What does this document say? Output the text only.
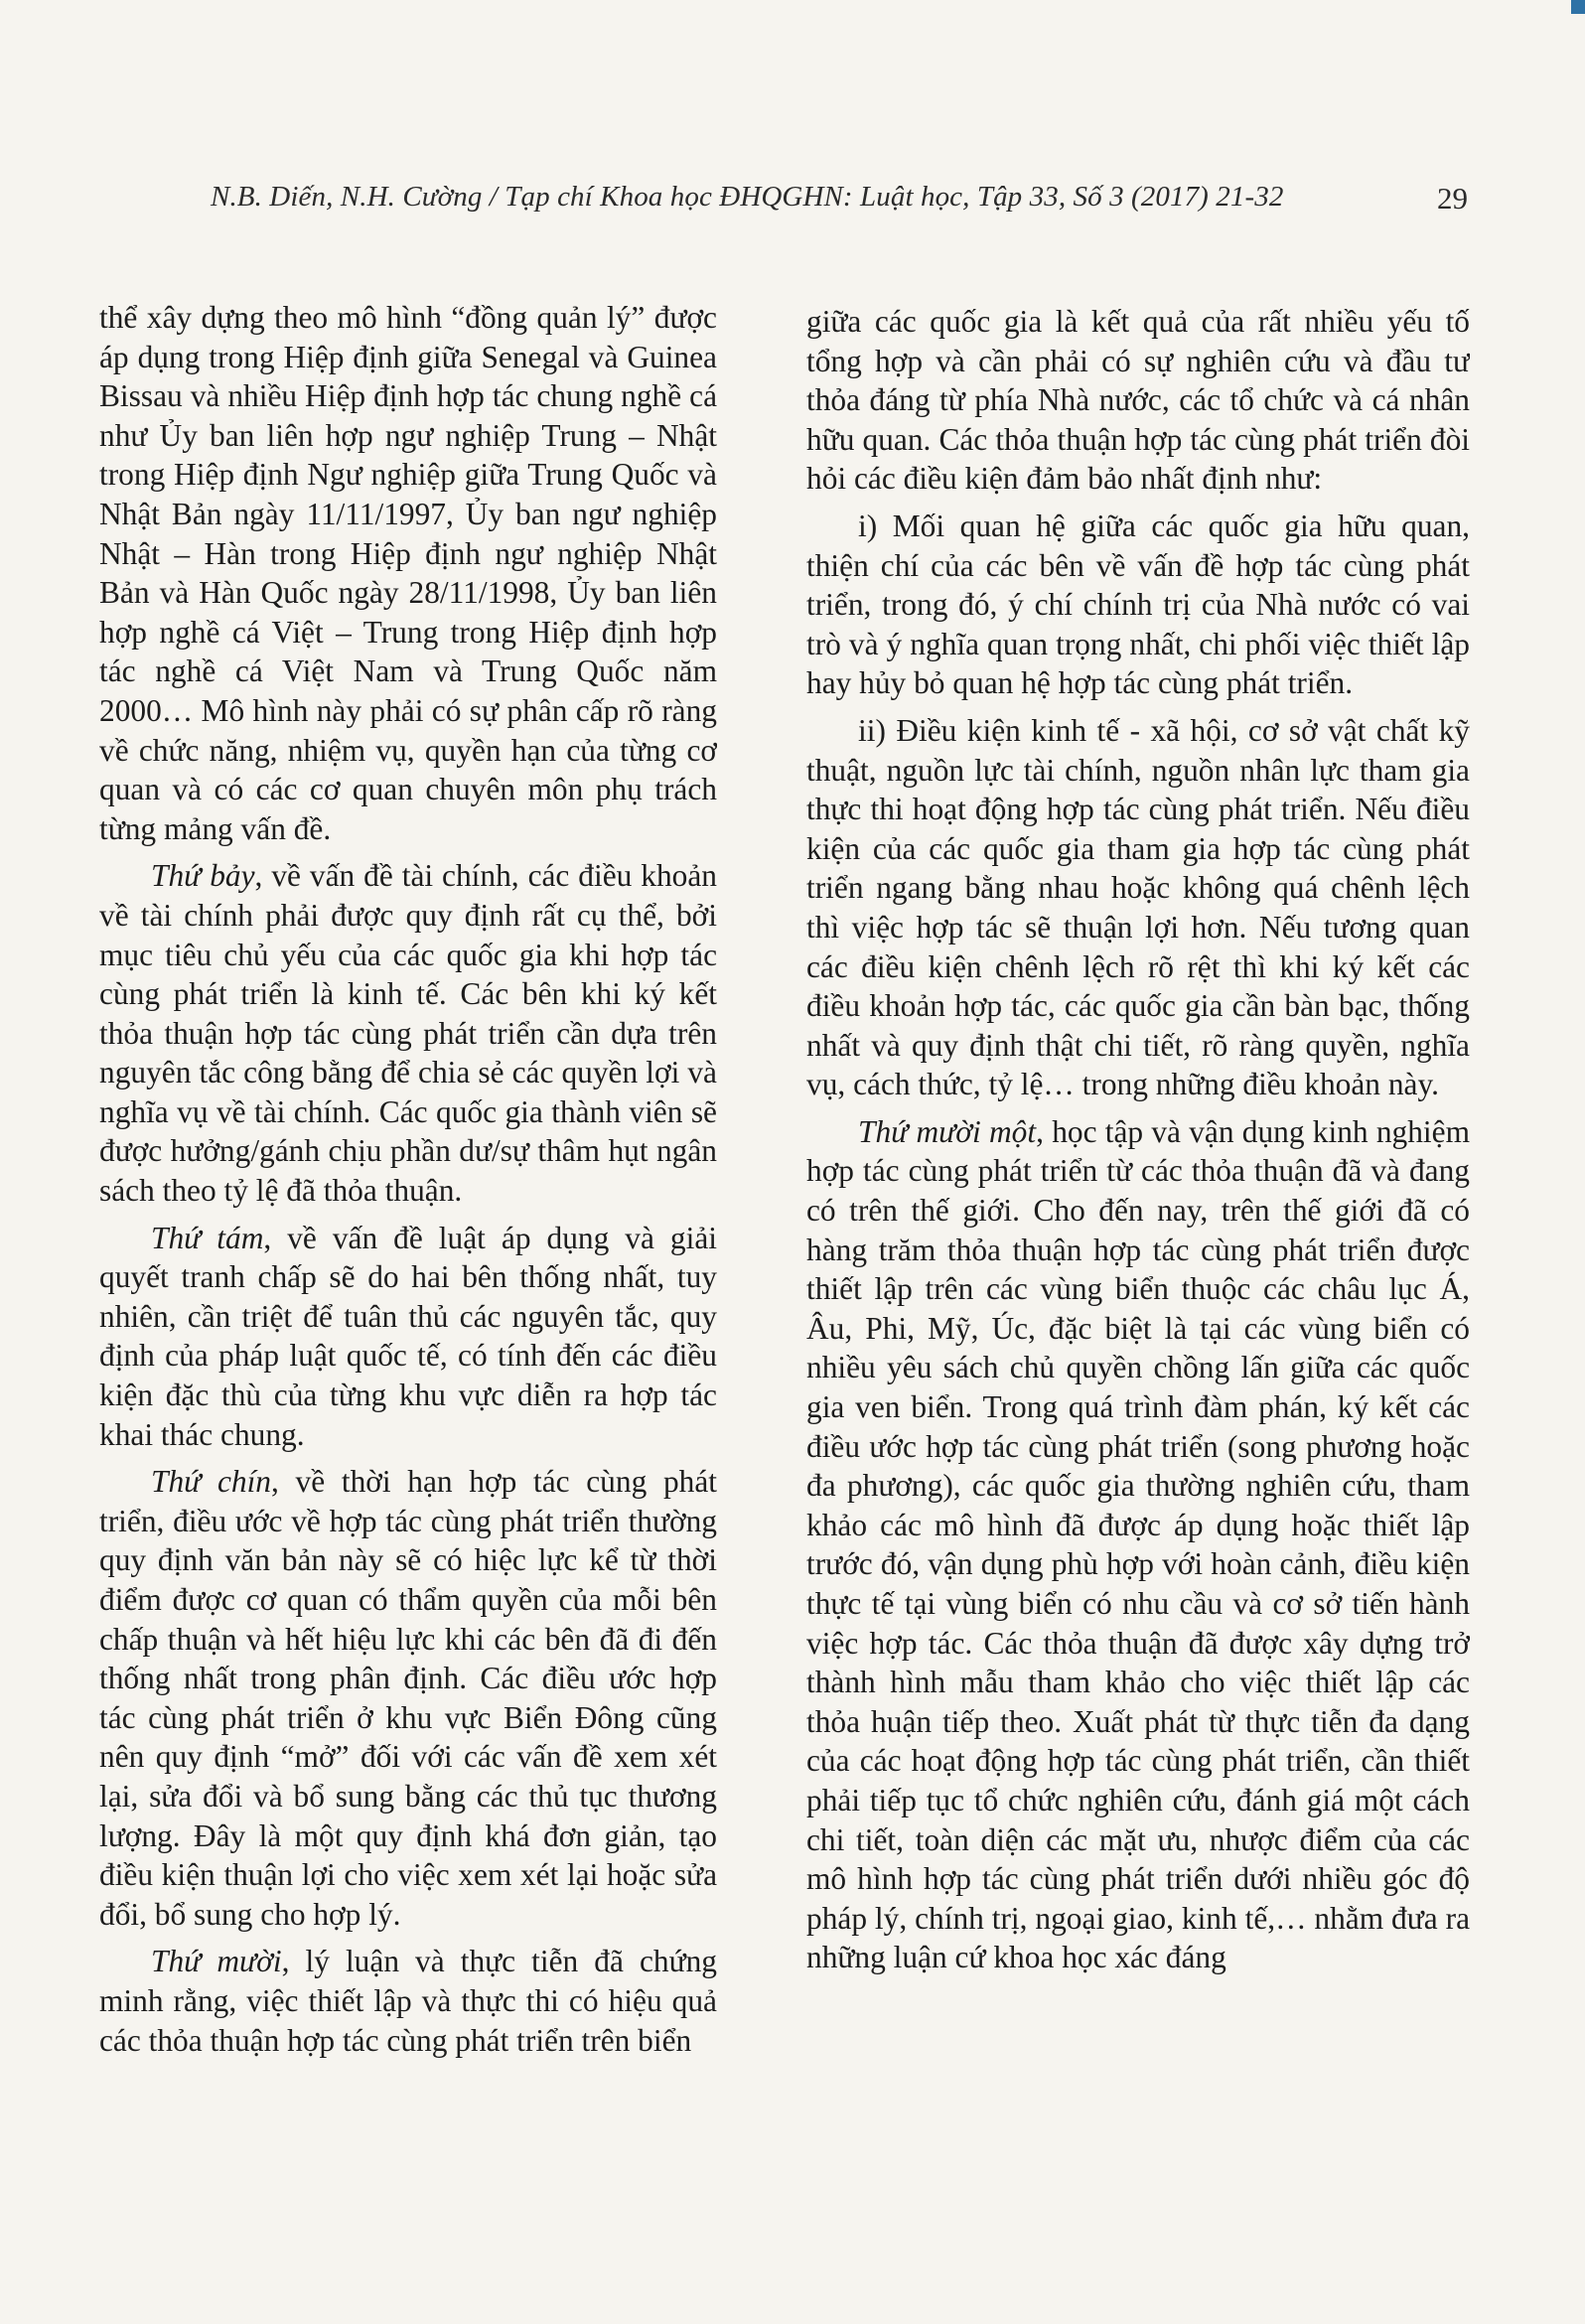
N.B. Diến, N.H. Cường / Tạp chí Khoa học ĐHQGHN: Luật học, Tập 33, Số 3 (2017) 21-32	29

thể xây dựng theo mô hình “đồng quản lý” được áp dụng trong Hiệp định giữa Senegal và Guinea Bissau và nhiều Hiệp định hợp tác chung nghề cá như Ủy ban liên hợp ngư nghiệp Trung – Nhật trong Hiệp định Ngư nghiệp giữa Trung Quốc và Nhật Bản ngày 11/11/1997, Ủy ban ngư nghiệp Nhật – Hàn trong Hiệp định ngư nghiệp Nhật Bản và Hàn Quốc ngày 28/11/1998, Ủy ban liên hợp nghề cá Việt – Trung trong Hiệp định hợp tác nghề cá Việt Nam và Trung Quốc năm 2000… Mô hình này phải có sự phân cấp rõ ràng về chức năng, nhiệm vụ, quyền hạn của từng cơ quan và có các cơ quan chuyên môn phụ trách từng mảng vấn đề.

Thứ bảy, về vấn đề tài chính, các điều khoản về tài chính phải được quy định rất cụ thể, bởi mục tiêu chủ yếu của các quốc gia khi hợp tác cùng phát triển là kinh tế. Các bên khi ký kết thỏa thuận hợp tác cùng phát triển cần dựa trên nguyên tắc công bằng để chia sẻ các quyền lợi và nghĩa vụ về tài chính. Các quốc gia thành viên sẽ được hưởng/gánh chịu phần dư/sự thâm hụt ngân sách theo tỷ lệ đã thỏa thuận.

Thứ tám, về vấn đề luật áp dụng và giải quyết tranh chấp sẽ do hai bên thống nhất, tuy nhiên, cần triệt để tuân thủ các nguyên tắc, quy định của pháp luật quốc tế, có tính đến các điều kiện đặc thù của từng khu vực diễn ra hợp tác khai thác chung.

Thứ chín, về thời hạn hợp tác cùng phát triển, điều ước về hợp tác cùng phát triển thường quy định văn bản này sẽ có hiệc lực kể từ thời điểm được cơ quan có thẩm quyền của mỗi bên chấp thuận và hết hiệu lực khi các bên đã đi đến thống nhất trong phân định. Các điều ước hợp tác cùng phát triển ở khu vực Biển Đông cũng nên quy định “mở” đối với các vấn đề xem xét lại, sửa đổi và bổ sung bằng các thủ tục thương lượng. Đây là một quy định khá đơn giản, tạo điều kiện thuận lợi cho việc xem xét lại hoặc sửa đổi, bổ sung cho hợp lý.

Thứ mười, lý luận và thực tiễn đã chứng minh rằng, việc thiết lập và thực thi có hiệu quả các thỏa thuận hợp tác cùng phát triển trên biển

giữa các quốc gia là kết quả của rất nhiều yếu tố tổng hợp và cần phải có sự nghiên cứu và đầu tư thỏa đáng từ phía Nhà nước, các tổ chức và cá nhân hữu quan. Các thỏa thuận hợp tác cùng phát triển đòi hỏi các điều kiện đảm bảo nhất định như:

i) Mối quan hệ giữa các quốc gia hữu quan, thiện chí của các bên về vấn đề hợp tác cùng phát triển, trong đó, ý chí chính trị của Nhà nước có vai trò và ý nghĩa quan trọng nhất, chi phối việc thiết lập hay hủy bỏ quan hệ hợp tác cùng phát triển.

ii) Điều kiện kinh tế - xã hội, cơ sở vật chất kỹ thuật, nguồn lực tài chính, nguồn nhân lực tham gia thực thi hoạt động hợp tác cùng phát triển. Nếu điều kiện của các quốc gia tham gia hợp tác cùng phát triển ngang bằng nhau hoặc không quá chênh lệch thì việc hợp tác sẽ thuận lợi hơn. Nếu tương quan các điều kiện chênh lệch rõ rệt thì khi ký kết các điều khoản hợp tác, các quốc gia cần bàn bạc, thống nhất và quy định thật chi tiết, rõ ràng quyền, nghĩa vụ, cách thức, tỷ lệ… trong những điều khoản này.

Thứ mười một, học tập và vận dụng kinh nghiệm hợp tác cùng phát triển từ các thỏa thuận đã và đang có trên thế giới. Cho đến nay, trên thế giới đã có hàng trăm thỏa thuận hợp tác cùng phát triển được thiết lập trên các vùng biển thuộc các châu lục Á, Âu, Phi, Mỹ, Úc, đặc biệt là tại các vùng biển có nhiều yêu sách chủ quyền chồng lấn giữa các quốc gia ven biển. Trong quá trình đàm phán, ký kết các điều ước hợp tác cùng phát triển (song phương hoặc đa phương), các quốc gia thường nghiên cứu, tham khảo các mô hình đã được áp dụng hoặc thiết lập trước đó, vận dụng phù hợp với hoàn cảnh, điều kiện thực tế tại vùng biển có nhu cầu và cơ sở tiến hành việc hợp tác. Các thỏa thuận đã được xây dựng trở thành hình mẫu tham khảo cho việc thiết lập các thỏa huận tiếp theo. Xuất phát từ thực tiễn đa dạng của các hoạt động hợp tác cùng phát triển, cần thiết phải tiếp tục tổ chức nghiên cứu, đánh giá một cách chi tiết, toàn diện các mặt ưu, nhược điểm của các mô hình hợp tác cùng phát triển dưới nhiều góc độ pháp lý, chính trị, ngoại giao, kinh tế,… nhằm đưa ra những luận cứ khoa học xác đáng
